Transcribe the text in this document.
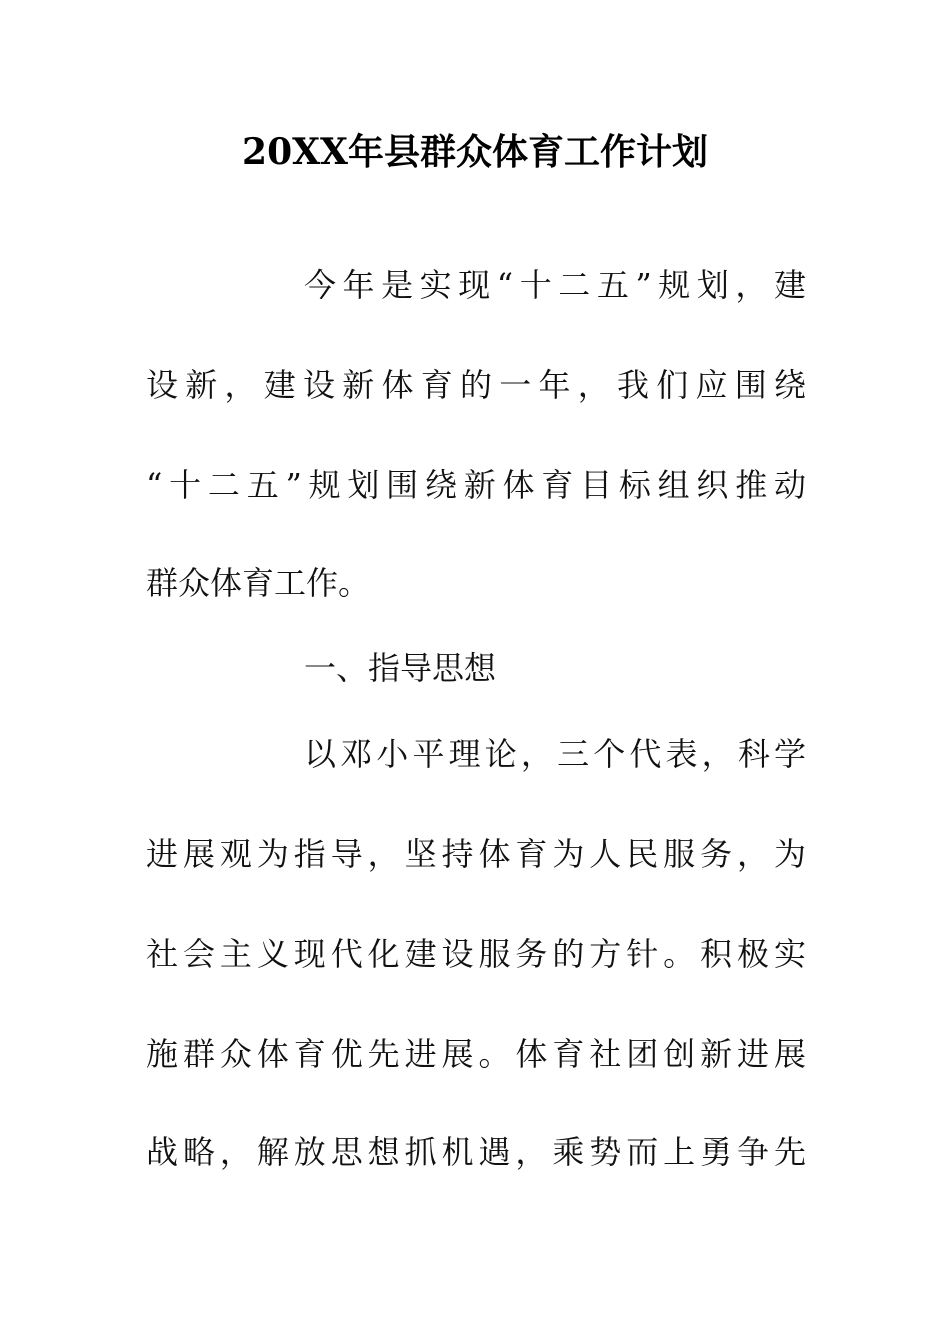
20XX年县群众体育工作计划
今年是实现“十二五”规划，建
设新，建设新体育的一年，我们应围绕
“十二五”规划围绕新体育目标组织推动
群众体育工作。
一、指导思想
以邓小平理论，三个代表，科学
进展观为指导，坚持体育为人民服务，为
社会主义现代化建设服务的方针。积极实
施群众体育优先进展。体育社团创新进展
战略，解放思想抓机遇，乘势而上勇争先
